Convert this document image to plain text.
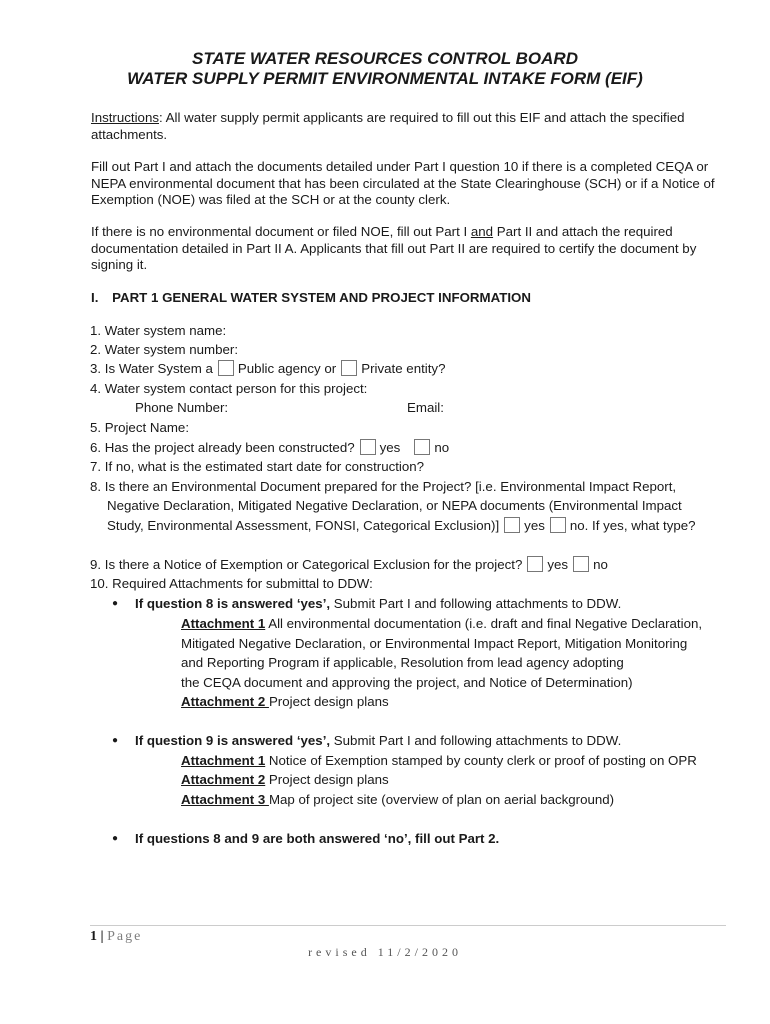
STATE WATER RESOURCES CONTROL BOARD
WATER SUPPLY PERMIT ENVIRONMENTAL INTAKE FORM (EIF)

Instructions: All water supply permit applicants are required to fill out this EIF and attach the specified attachments.

Fill out Part I and attach the documents detailed under Part I question 10 if there is a completed CEQA or NEPA environmental document that has been circulated at the State Clearinghouse (SCH) or if a Notice of Exemption (NOE) was filed at the SCH or at the county clerk.

If there is no environmental document or filed NOE, fill out Part I and Part II and attach the required documentation detailed in Part II A. Applicants that fill out Part II are required to certify the document by signing it.

I. PART 1 GENERAL WATER SYSTEM AND PROJECT INFORMATION
1. Water system name:
2. Water system number:
3. Is Water System a Public agency or Private entity?
4. Water system contact person for this project:
Phone Number:	Email:
5. Project Name:
6. Has the project already been constructed? yes	no
7. If no, what is the estimated start date for construction?
8. Is there an Environmental Document prepared for the Project? [i.e. Environmental Impact Report,
Negative Declaration, Mitigated Negative Declaration, or NEPA documents (Environmental Impact
Study, Environmental Assessment, FONSI, Categorical Exclusion)] yes no. If yes, what type?
9. Is there a Notice of Exemption or Categorical Exclusion for the project? yes no
10. Required Attachments for submittal to DDW:
● If question 8 is answered ‘yes’, Submit Part I and following attachments to DDW.
Attachment 1 All environmental documentation (i.e. draft and final Negative Declaration,
Mitigated Negative Declaration, or Environmental Impact Report, Mitigation Monitoring
and Reporting Program if applicable, Resolution from lead agency adopting
the CEQA document and approving the project, and Notice of Determination)
Attachment 2 Project design plans
● If question 9 is answered ‘yes’, Submit Part I and following attachments to DDW.
Attachment 1 Notice of Exemption stamped by county clerk or proof of posting on OPR
Attachment 2 Project design plans
Attachment 3 Map of project site (overview of plan on aerial background)
● If questions 8 and 9 are both answered ‘no’, fill out Part 2.
1 | Page
revised 11/2/2020
